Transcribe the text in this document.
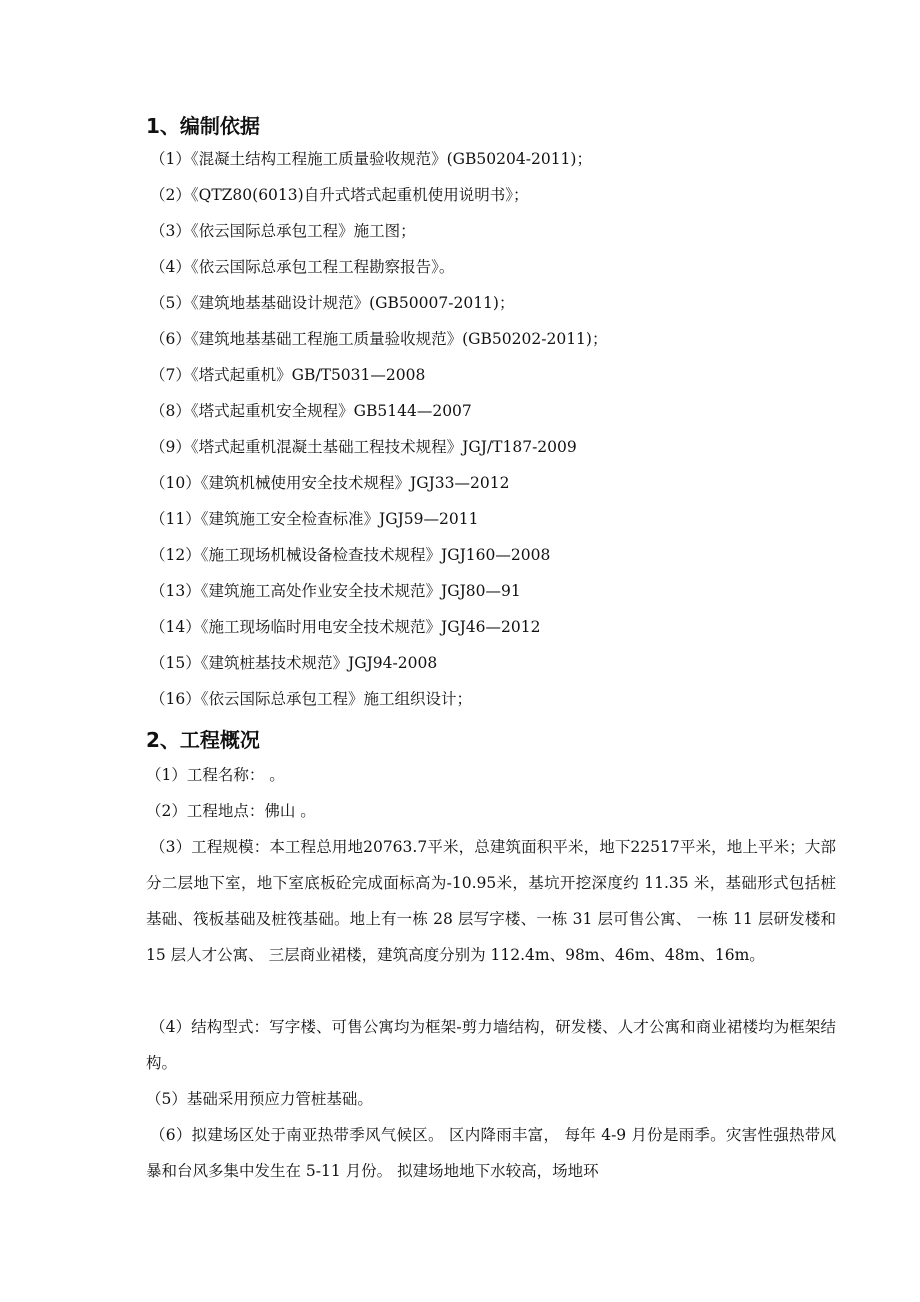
1、编制依据
（1）《混凝土结构工程施工质量验收规范》(GB50204-2011)；
（2）《QTZ80(6013)自升式塔式起重机使用说明书》；
（3）《依云国际总承包工程》施工图；
（4）《依云国际总承包工程工程勘察报告》。
（5）《建筑地基基础设计规范》(GB50007-2011)；
（6）《建筑地基基础工程施工质量验收规范》(GB50202-2011)；
（7）《塔式起重机》GB/T5031—2008
（8）《塔式起重机安全规程》GB5144—2007
（9）《塔式起重机混凝土基础工程技术规程》JGJ/T187-2009
（10）《建筑机械使用安全技术规程》JGJ33—2012
（11）《建筑施工安全检查标准》JGJ59—2011
（12）《施工现场机械设备检查技术规程》JGJ160—2008
（13）《建筑施工高处作业安全技术规范》JGJ80—91
（14）《施工现场临时用电安全技术规范》JGJ46—2012
（15）《建筑桩基技术规范》JGJ94-2008
（16）《依云国际总承包工程》施工组织设计；
2、工程概况
（1）工程名称： 。
（2）工程地点：佛山 。
（3）工程规模：本工程总用地20763.7平米，总建筑面积平米，地下22517平米，地上平米；大部分二层地下室，地下室底板砼完成面标高为-10.95米，基坑开挖深度约 11.35 米，基础形式包括桩基础、筏板基础及桩筏基础。地上有一栋 28 层写字楼、一栋 31 层可售公寓、 一栋 11 层研发楼和 15 层人才公寓、 三层商业裙楼，建筑高度分别为 112.4m、98m、46m、48m、16m。
（4）结构型式：写字楼、可售公寓均为框架-剪力墙结构，研发楼、人才公寓和商业裙楼均为框架结构。
（5）基础采用预应力管桩基础。
（6）拟建场区处于南亚热带季风气候区。 区内降雨丰富， 每年 4-9 月份是雨季。灾害性强热带风暴和台风多集中发生在 5-11 月份。 拟建场地地下水较高，场地环
